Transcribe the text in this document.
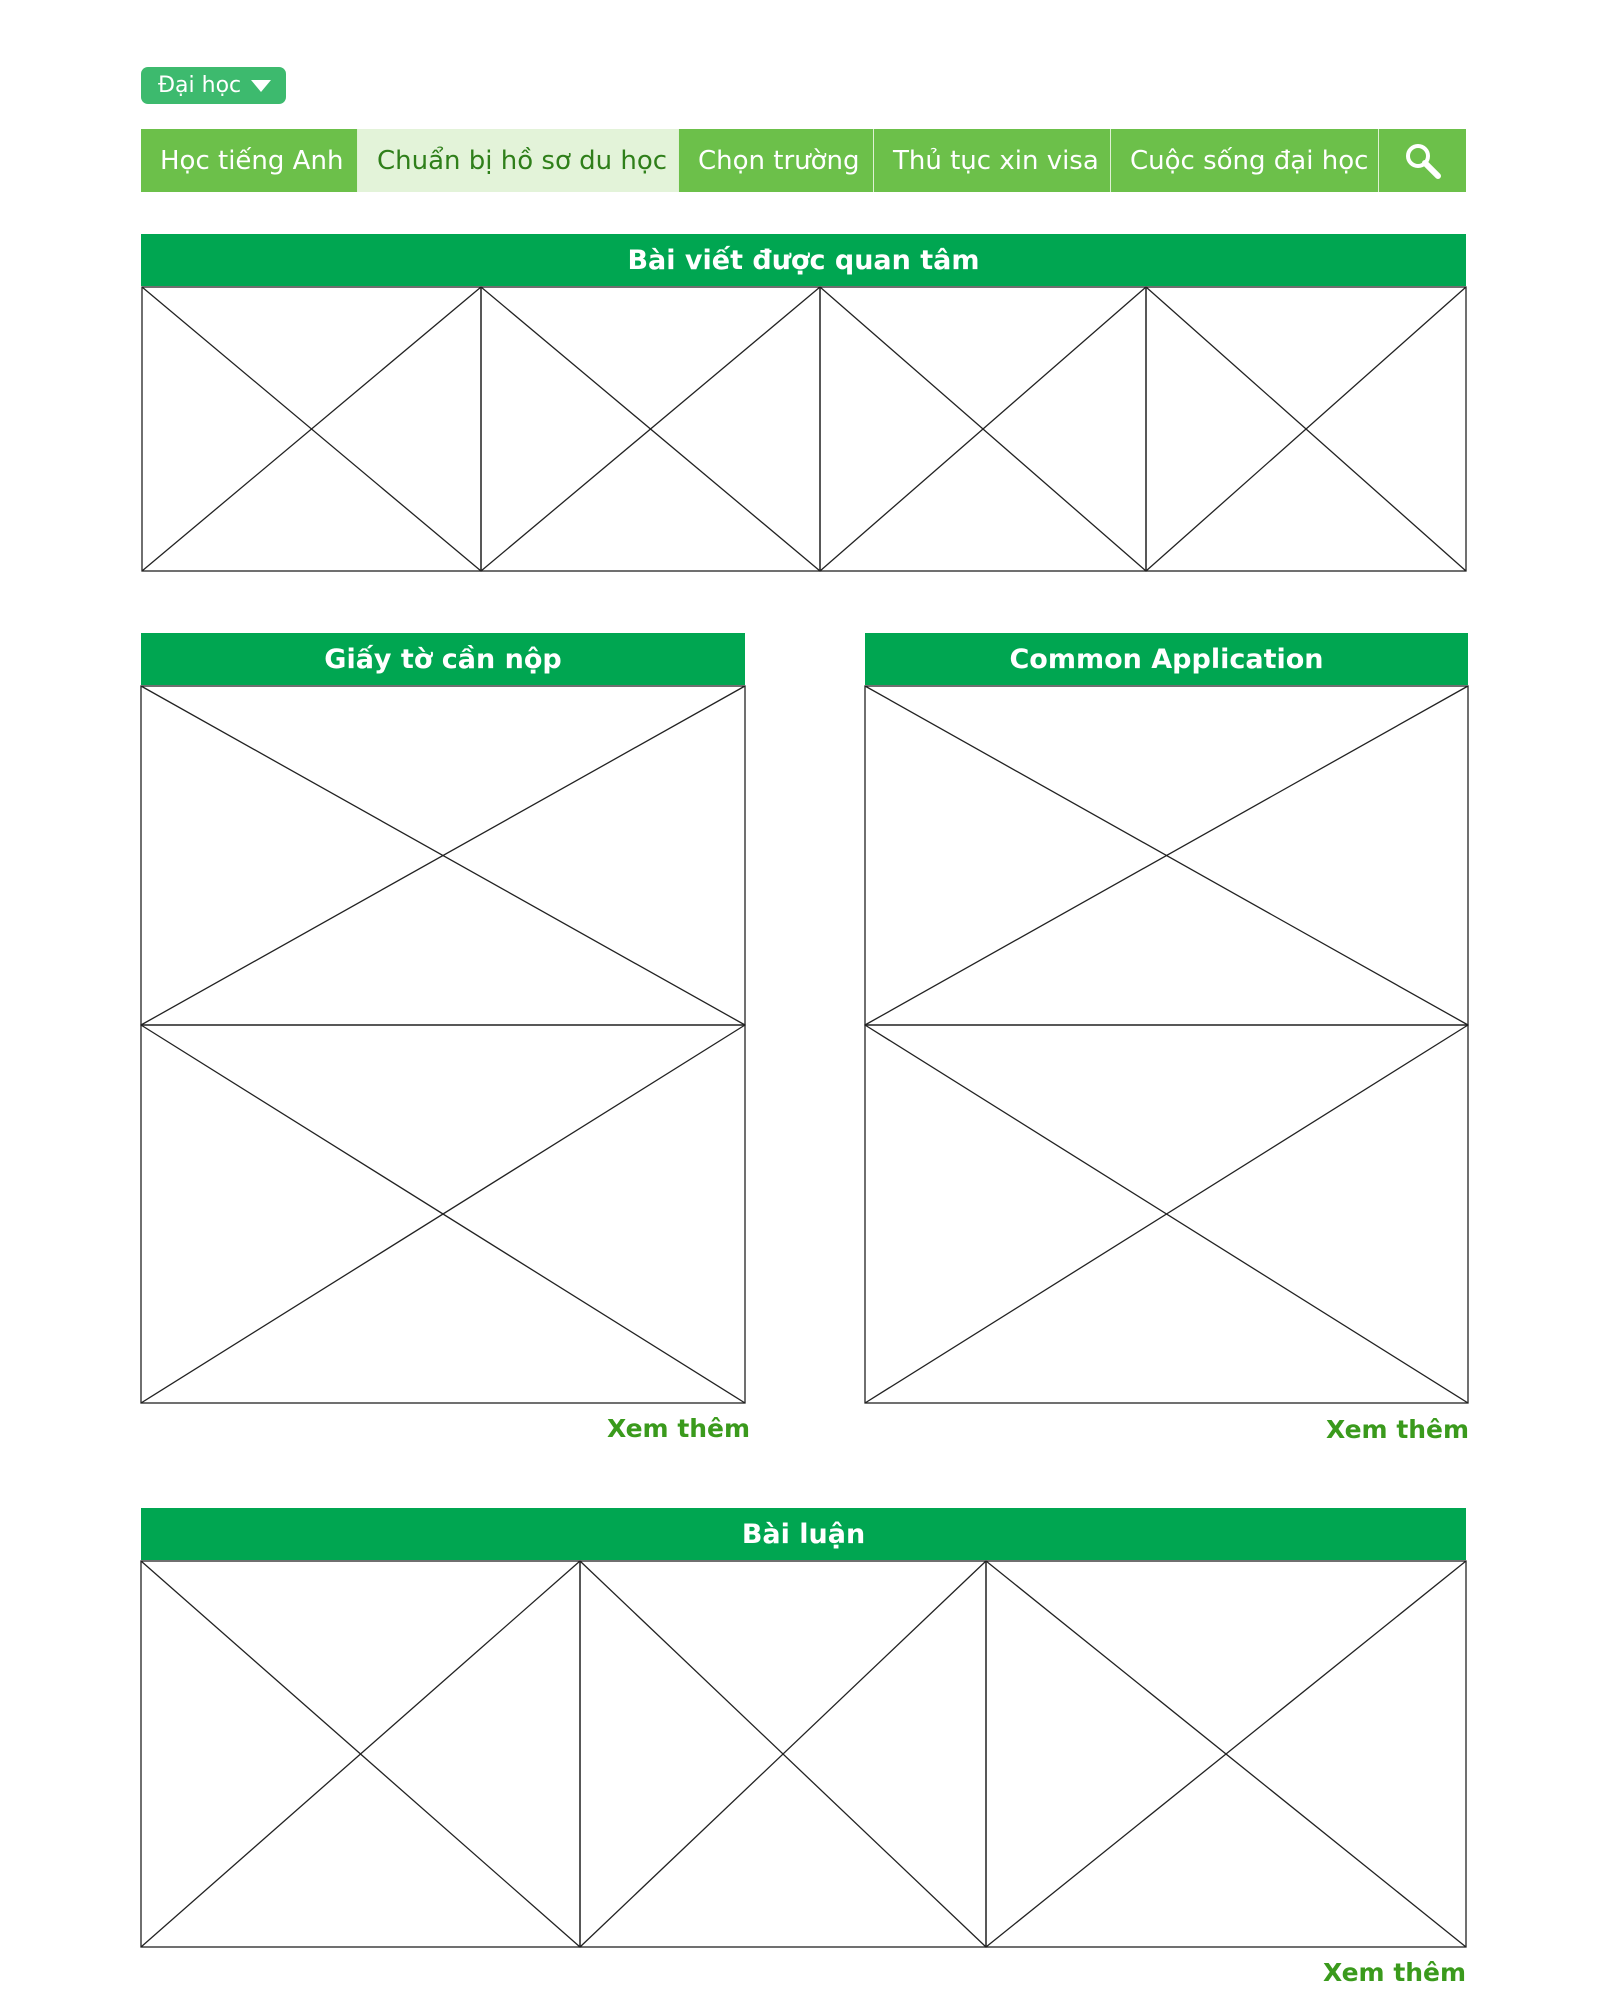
Đại học
Học tiếng Anh	Chuẩn bị hồ sơ du học	Chọn trường	Thủ tục xin visa	Cuộc sống đại học
Bài viết được quan tâm
Giấy tờ cần nộp
Xem thêm
Common Application
Xem thêm
Bài luận
Xem thêm
